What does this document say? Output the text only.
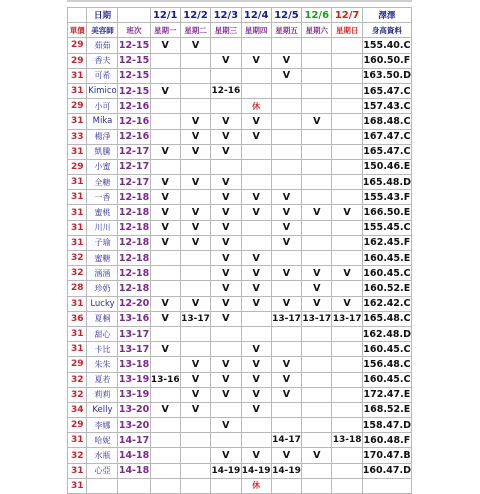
	日期		12/1	12/2	12/3	12/4	12/5	12/6	12/7	澤澤
單價	美容師	班次	星期一	星期二	星期三	星期四	星期五	星期六	星期日	身高資料
29	茹茹	12-15	V	V						155.40.C
29	香夫	12-15			V	V	V			160.50.F
31	可希	12-15					V			163.50.D
31	Kimico	12-15	V		12-16					165.47.C
29	小可	12-16				休				157.43.C
31	Mika	12-16		V	V	V		V		168.48.C
33	楊淨	12-16		V	V	V				167.47.C
31	凱騰	12-17	V	V	V					165.47.C
29	小蜜	12-17								150.46.E
31	全糖	12-17	V	V	V					165.48.D
31	一香	12-18	V		V	V	V			155.43.F
31	蜜桃	12-18	V	V	V	V	V	V	V	166.50.E
31	川川	12-18	V	V	V		V			155.45.C
31	子瑜	12-18	V	V	V		V			162.45.F
32	蜜糖	12-18			V	V				160.45.E
32	涵涵	12-18			V	V	V	V	V	160.45.C
28	珍奶	12-18			V	V		V		160.52.E
31	Lucky	12-20	V	V	V	V	V	V	V	162.42.C
36	夏桐	13-16	V	13-17	V		13-17	13-17	13-17	165.48.C
31	甜心	13-17								162.48.D
31	卡比	13-17	V			V				160.45.C
29	朱朱	13-18		V	V	V	V			156.48.C
32	夏若	13-19	13-16	V	V	V	V			160.45.C
32	莉莉	13-19		V	V	V	V			172.47.E
34	Kelly	13-20	V	V		V				168.52.E
29	李娜	13-20			V					158.47.D
31	哈妮	14-17					14-17		13-18	160.48.F
32	水瓶	14-18			V	V	V	V		170.47.B
31	心亞	14-18			14-19	14-19	14-19			160.47.D
31						休				
